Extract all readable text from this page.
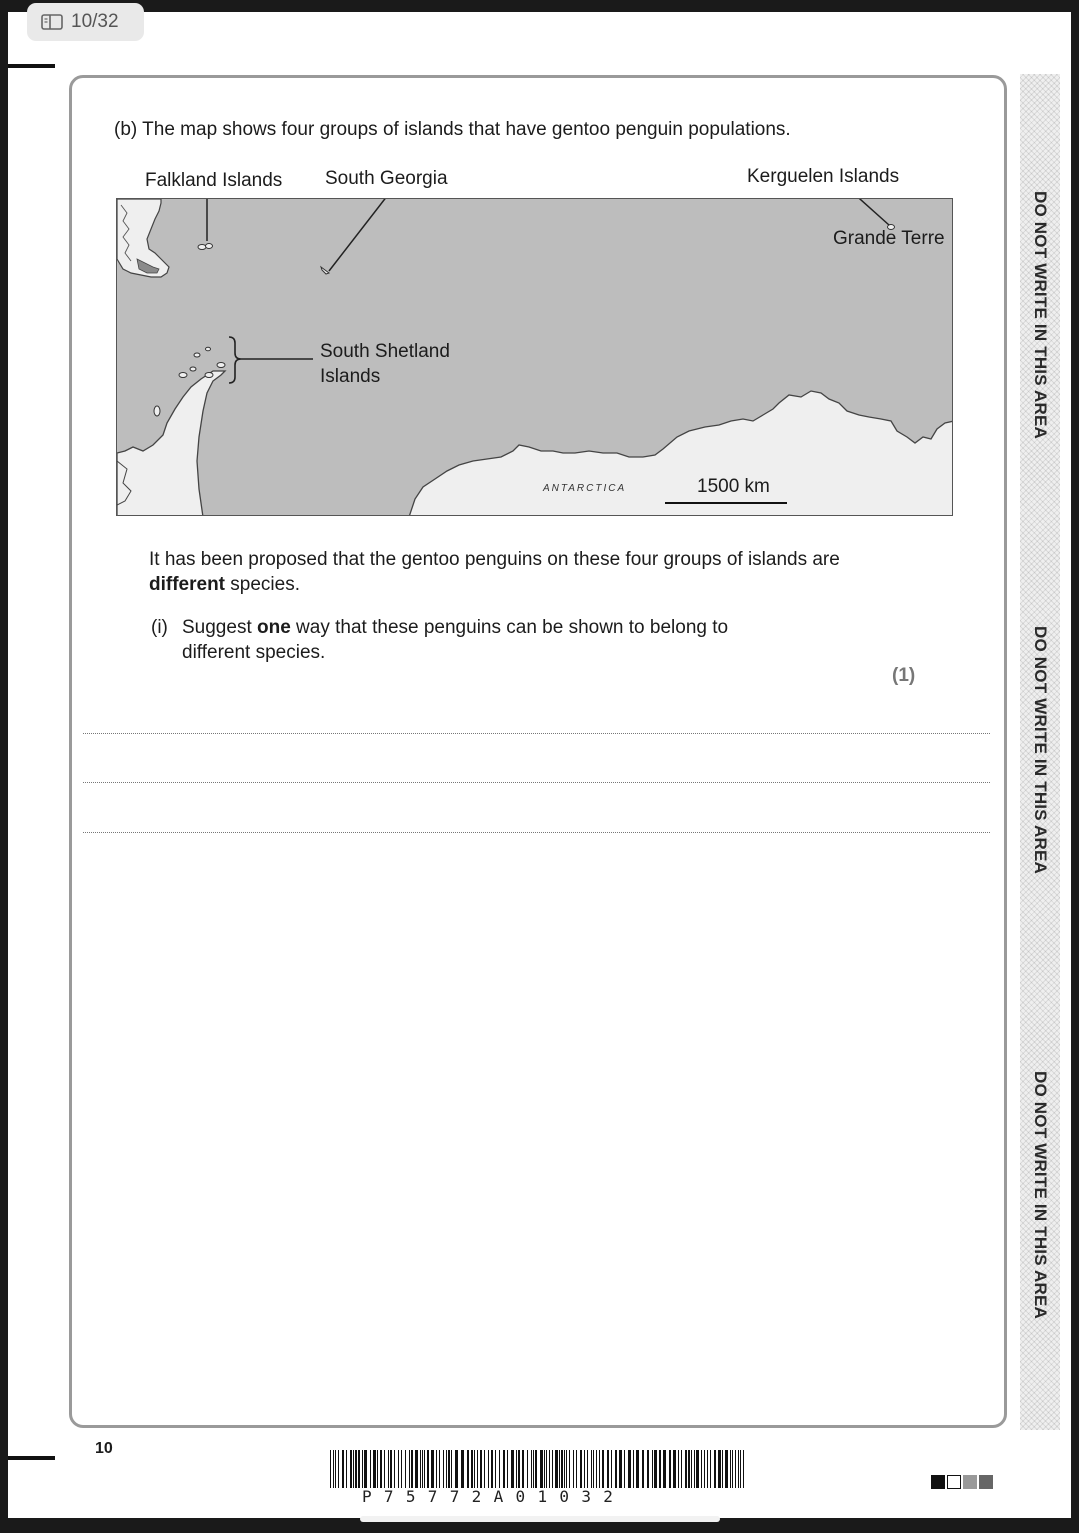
10/32
DO NOT WRITE IN THIS AREA
DO NOT WRITE IN THIS AREA
DO NOT WRITE IN THIS AREA
(b) The map shows four groups of islands that have gentoo penguin populations.
Falkland Islands South Georgia	Kerguelen Islands
ANTARCTICA	1500 km
Grande Terre
South Shetland
Islands
It has been proposed that the gentoo penguins on these four groups of islands are different species.
(i) Suggest one way that these penguins can be shown to belong to
different species.
(1)
10
P75772A01032
